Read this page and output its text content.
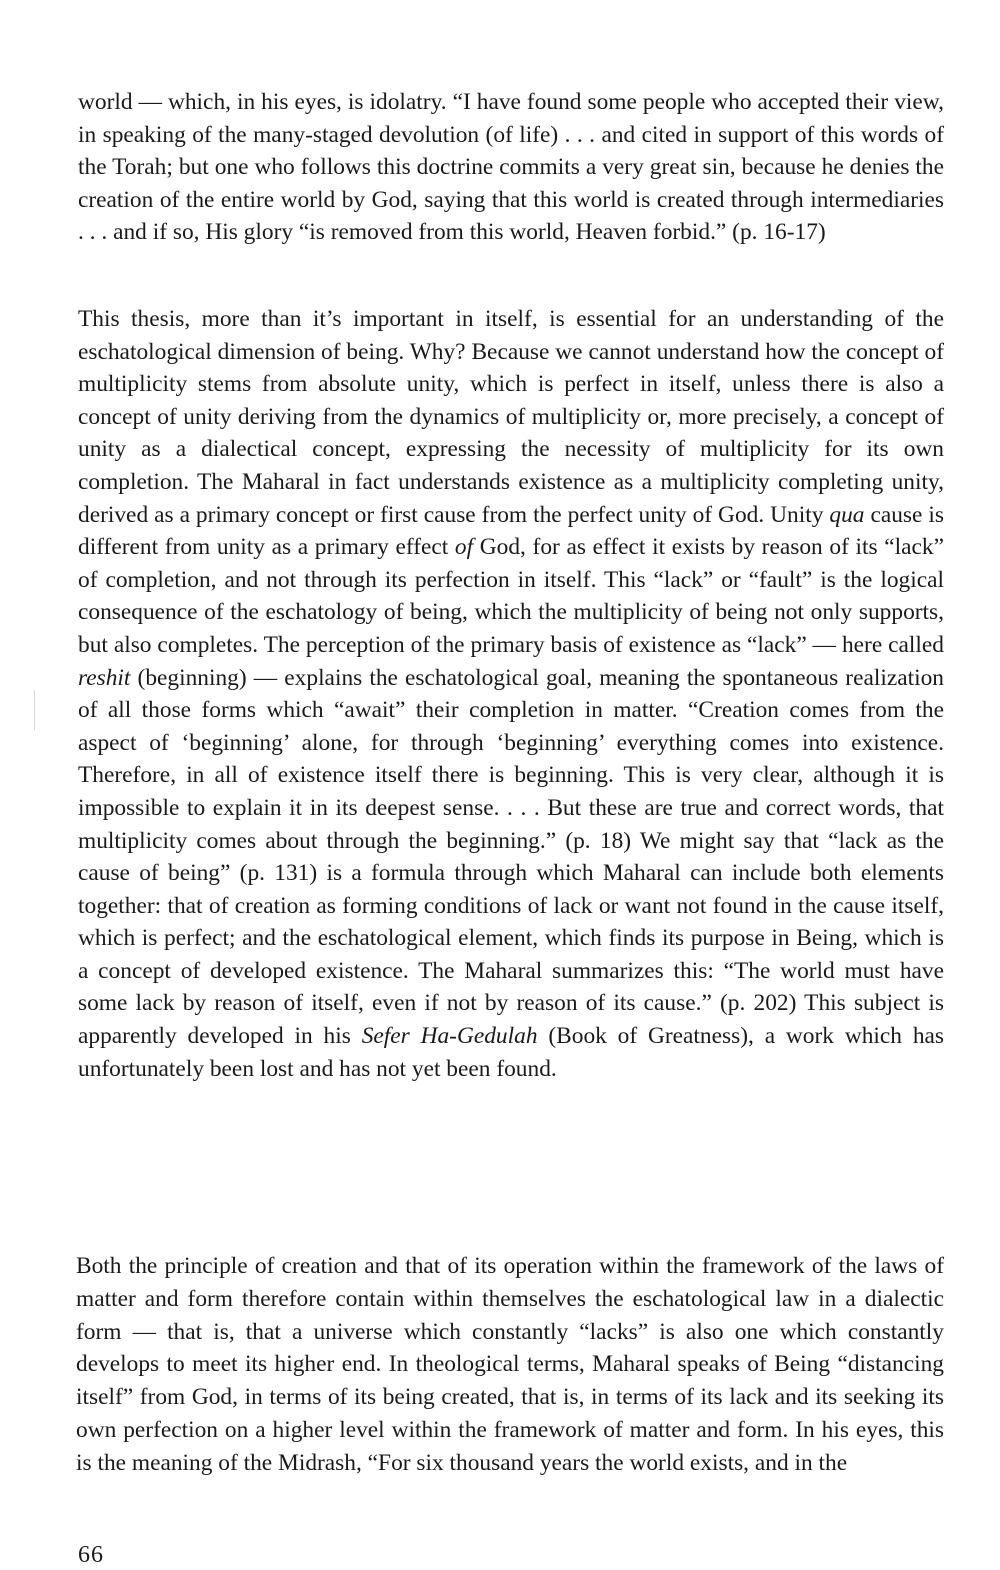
world — which, in his eyes, is idolatry. “I have found some people who accepted their view, in speaking of the many-staged devolution (of life) . . . and cited in support of this words of the Torah; but one who follows this doctrine commits a very great sin, because he denies the creation of the entire world by God, saying that this world is created through intermediaries . . . and if so, His glory “is removed from this world, Heaven forbid.” (p. 16-17)

This thesis, more than it’s important in itself, is essential for an understanding of the eschatological dimension of being. Why? Because we cannot understand how the concept of multiplicity stems from absolute unity, which is perfect in itself, unless there is also a concept of unity deriving from the dynamics of multiplicity or, more precisely, a concept of unity as a dialectical concept, expressing the necessity of multiplicity for its own completion. The Maharal in fact understands existence as a multiplicity completing unity, derived as a primary concept or first cause from the perfect unity of God. Unity qua cause is different from unity as a primary effect of God, for as effect it exists by reason of its “lack” of completion, and not through its perfection in itself. This “lack” or “fault” is the logical consequence of the eschatology of being, which the multiplicity of being not only supports, but also completes. The perception of the primary basis of existence as “lack” — here called reshit (beginning) — explains the eschatological goal, meaning the spontaneous realization of all those forms which “await” their completion in matter. “Creation comes from the aspect of ‘beginning’ alone, for through ‘beginning’ everything comes into existence. Therefore, in all of existence itself there is beginning. This is very clear, although it is impossible to explain it in its deepest sense. . . . But these are true and correct words, that multiplicity comes about through the beginning.” (p. 18) We might say that “lack as the cause of being” (p. 131) is a formula through which Maharal can include both elements together: that of creation as forming conditions of lack or want not found in the cause itself, which is perfect; and the eschatological element, which finds its purpose in Being, which is a concept of developed existence. The Maharal summarizes this: “The world must have some lack by reason of itself, even if not by reason of its cause.” (p. 202) This subject is apparently developed in his Sefer Ha-Gedulah (Book of Greatness), a work which has unfortunately been lost and has not yet been found.

Both the principle of creation and that of its operation within the framework of the laws of matter and form therefore contain within themselves the eschatological law in a dialectic form — that is, that a universe which constantly “lacks” is also one which constantly develops to meet its higher end. In theological terms, Maharal speaks of Being “distancing itself” from God, in terms of its being created, that is, in terms of its lack and its seeking its own perfection on a higher level within the framework of matter and form. In his eyes, this is the meaning of the Midrash, “For six thousand years the world exists, and in the

66
